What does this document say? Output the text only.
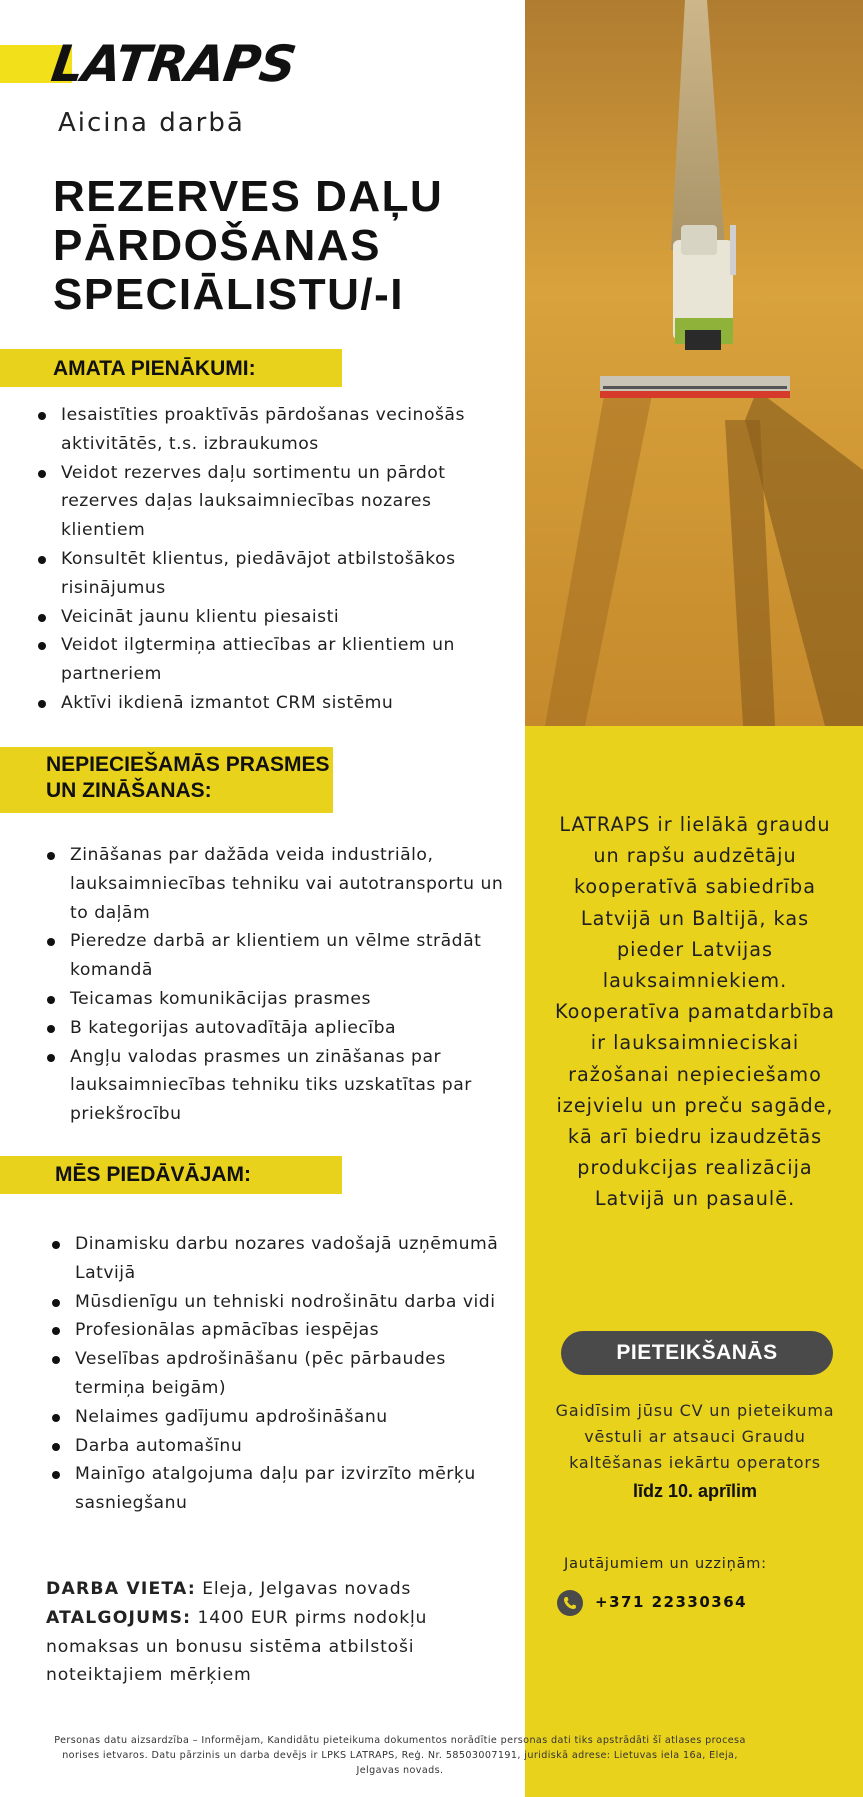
LATRAPS
Aicina darbā
REZERVES DAĻU
PĀRDOŠANAS
SPECIĀLISTU/-I
AMATA PIENĀKUMI:
Iesaistīties proaktīvās pārdošanas vecinošās aktivitātēs, t.s. izbraukumos
Veidot rezerves daļu sortimentu un pārdot rezerves daļas lauksaimniecības nozares klientiem
Konsultēt klientus, piedāvājot atbilstošākos risinājumus
Veicināt jaunu klientu piesaisti
Veidot ilgtermiņa attiecības ar klientiem un partneriem
Aktīvi ikdienā izmantot CRM sistēmu
NEPIECIEŠAMĀS PRASMES
UN ZINĀŠANAS:
Zināšanas par dažāda veida industriālo, lauksaimniecības tehniku vai autotransportu un to daļām
Pieredze darbā ar klientiem un vēlme strādāt komandā
Teicamas komunikācijas prasmes
B kategorijas autovadītāja apliecība
Angļu valodas prasmes un zināšanas par lauksaimniecības tehniku tiks uzskatītas par priekšrocību
MĒS PIEDĀVĀJAM:
Dinamisku darbu nozares vadošajā uzņēmumā Latvijā
Mūsdienīgu un tehniski nodrošinātu darba vidi
Profesionālas apmācības iespējas
Veselības apdrošināšanu (pēc pārbaudes termiņa beigām)
Nelaimes gadījumu apdrošināšanu
Darba automašīnu
Mainīgo atalgojuma daļu par izvirzīto mērķu sasniegšanu
DARBA VIETA: Eleja, Jelgavas novads
ATALGOJUMS: 1400 EUR pirms nodokļu nomaksas un bonusu sistēma atbilstoši noteiktajiem mērķiem
LATRAPS ir lielākā graudu un rapšu audzētāju kooperatīvā sabiedrība Latvijā un Baltijā, kas pieder Latvijas lauksaimniekiem. Kooperatīva pamatdarbība ir lauksaimnieciskai ražošanai nepieciešamo izejvielu un preču sagāde, kā arī biedru izaudzētās produkcijas realizācija Latvijā un pasaulē.
PIETEIKŠANĀS
Gaidīsim jūsu CV un pieteikuma vēstuli ar atsauci Graudu kaltēšanas iekārtu operators
līdz 10. aprīlim
Jautājumiem un uzziņām:
+371 22330364
Personas datu aizsardzība – Informējam, Kandidātu pieteikuma dokumentos norādītie personas dati tiks apstrādāti šī atlases procesa norises ietvaros. Datu pārzinis un darba devējs ir LPKS LATRAPS, Reģ. Nr. 58503007191, juridiskā adrese: Lietuvas iela 16a, Eleja, Jelgavas novads.
